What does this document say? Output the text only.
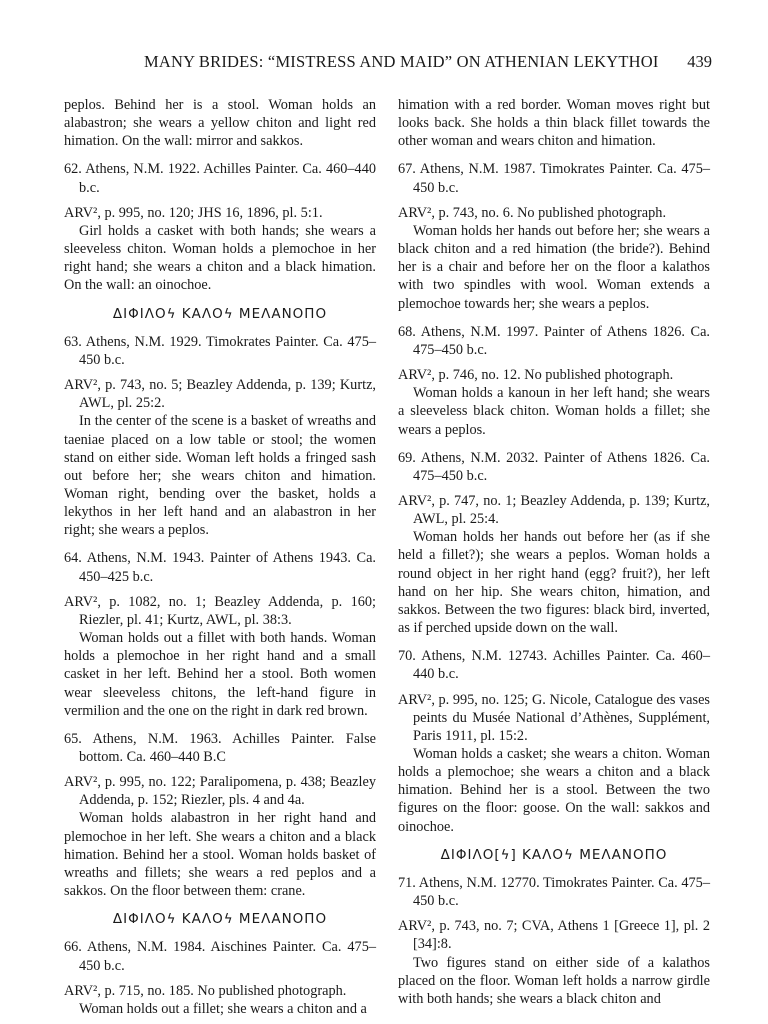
MANY BRIDES: “MISTRESS AND MAID” ON ATHENIAN LEKYTHOI 439

peplos. Behind her is a stool. Woman holds an alabastron; she wears a yellow chiton and light red himation. On the wall: mirror and sakkos.

62. Athens, N.M. 1922. Achilles Painter. Ca. 460–440 b.c.

ARV², p. 995, no. 120; JHS 16, 1896, pl. 5:1.

Girl holds a casket with both hands; she wears a sleeveless chiton. Woman holds a plemochoe in her right hand; she wears a chiton and a black himation. On the wall: an oinochoe.

ΔΙΦΙΛΟϟ ΚΑΛΟϟ ΜΕΛΑΝΟΠΟ

63. Athens, N.M. 1929. Timokrates Painter. Ca. 475–450 b.c.

ARV², p. 743, no. 5; Beazley Addenda, p. 139; Kurtz, AWL, pl. 25:2.

In the center of the scene is a basket of wreaths and taeniae placed on a low table or stool; the women stand on either side. Woman left holds a fringed sash out before her; she wears chiton and himation. Woman right, bending over the basket, holds a lekythos in her left hand and an alabastron in her right; she wears a peplos.

64. Athens, N.M. 1943. Painter of Athens 1943. Ca. 450–425 b.c.

ARV², p. 1082, no. 1; Beazley Addenda, p. 160; Riezler, pl. 41; Kurtz, AWL, pl. 38:3.

Woman holds out a fillet with both hands. Woman holds a plemochoe in her right hand and a small casket in her left. Behind her a stool. Both women wear sleeveless chitons, the left-hand figure in vermilion and the one on the right in dark red brown.

65. Athens, N.M. 1963. Achilles Painter. False bottom. Ca. 460–440 B.C

ARV², p. 995, no. 122; Paralipomena, p. 438; Beazley Addenda, p. 152; Riezler, pls. 4 and 4a.

Woman holds alabastron in her right hand and plemochoe in her left. She wears a chiton and a black himation. Behind her a stool. Woman holds basket of wreaths and fillets; she wears a red peplos and a sakkos. On the floor between them: crane.

ΔΙΦΙΛΟϟ ΚΑΛΟϟ ΜΕΛΑΝΟΠΟ

66. Athens, N.M. 1984. Aischines Painter. Ca. 475–450 b.c.

ARV², p. 715, no. 185. No published photograph.

Woman holds out a fillet; she wears a chiton and a

himation with a red border. Woman moves right but looks back. She holds a thin black fillet towards the other woman and wears chiton and himation.

67. Athens, N.M. 1987. Timokrates Painter. Ca. 475–450 b.c.

ARV², p. 743, no. 6. No published photograph.

Woman holds her hands out before her; she wears a black chiton and a red himation (the bride?). Behind her is a chair and before her on the floor a kalathos with two spindles with wool. Woman extends a plemochoe towards her; she wears a peplos.

68. Athens, N.M. 1997. Painter of Athens 1826. Ca. 475–450 b.c.

ARV², p. 746, no. 12. No published photograph.

Woman holds a kanoun in her left hand; she wears a sleeveless black chiton. Woman holds a fillet; she wears a peplos.

69. Athens, N.M. 2032. Painter of Athens 1826. Ca. 475–450 b.c.

ARV², p. 747, no. 1; Beazley Addenda, p. 139; Kurtz, AWL, pl. 25:4.

Woman holds her hands out before her (as if she held a fillet?); she wears a peplos. Woman holds a round object in her right hand (egg? fruit?), her left hand on her hip. She wears chiton, himation, and sakkos. Between the two figures: black bird, inverted, as if perched upside down on the wall.

70. Athens, N.M. 12743. Achilles Painter. Ca. 460–440 b.c.

ARV², p. 995, no. 125; G. Nicole, Catalogue des vases peints du Musée National d’Athènes, Supplément, Paris 1911, pl. 15:2.

Woman holds a casket; she wears a chiton. Woman holds a plemochoe; she wears a chiton and a black himation. Behind her is a stool. Between the two figures on the floor: goose. On the wall: sakkos and oinochoe.

ΔΙΦΙΛΟ[ϟ] ΚΑΛΟϟ ΜΕΛΑΝΟΠΟ

71. Athens, N.M. 12770. Timokrates Painter. Ca. 475–450 b.c.

ARV², p. 743, no. 7; CVA, Athens 1 [Greece 1], pl. 2 [34]:8.

Two figures stand on either side of a kalathos placed on the floor. Woman left holds a narrow girdle with both hands; she wears a black chiton and
